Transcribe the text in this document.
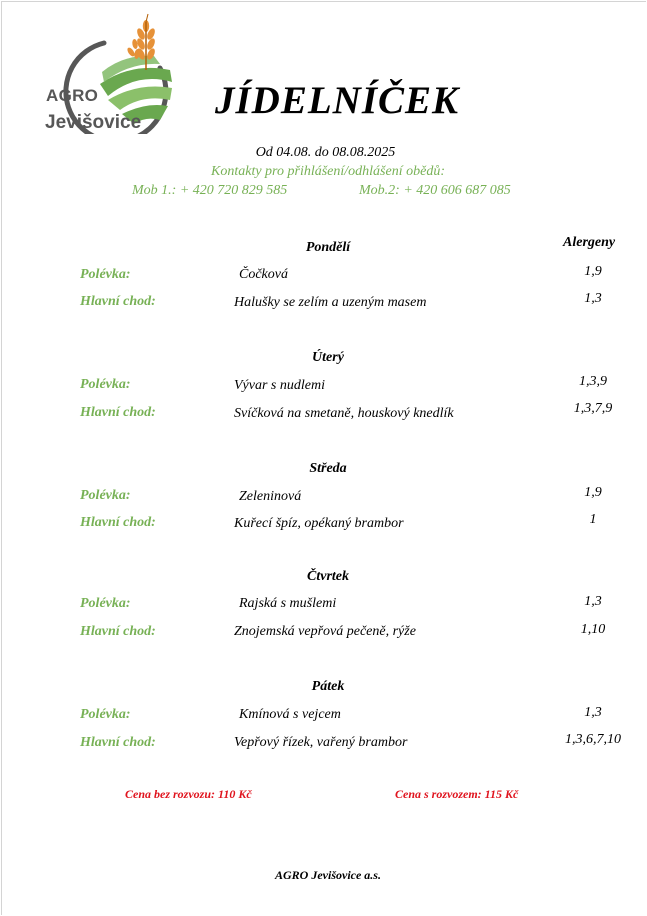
AGRO
Jevišovice
JÍDELNÍČEK
Od 04.08. do 08.08.2025
Kontakty pro přihlášení/odhlášení obědů:
Mob 1.: + 420 720 829 585	Mob.2: + 420 606 687 085
Alergeny
Pondělí
Polévka:	Čočková	1,9
Hlavní chod:	Halušky se zelím a uzeným masem	1,3
Úterý
Polévka:	Vývar s nudlemi	1,3,9
Hlavní chod:	Svíčková na smetaně, houskový knedlík	1,3,7,9
Středa
Polévka:	Zeleninová	1,9
Hlavní chod:	Kuřecí špíz, opékaný brambor	1
Čtvrtek
Polévka:	Rajská s mušlemi	1,3
Hlavní chod:	Znojemská vepřová pečeně, rýže	1,10
Pátek
Polévka:	Kmínová s vejcem	1,3
Hlavní chod:	Vepřový řízek, vařený brambor	1,3,6,7,10
Cena bez rozvozu: 110 Kč	Cena s rozvozem: 115 Kč
AGRO Jevišovice a.s.
